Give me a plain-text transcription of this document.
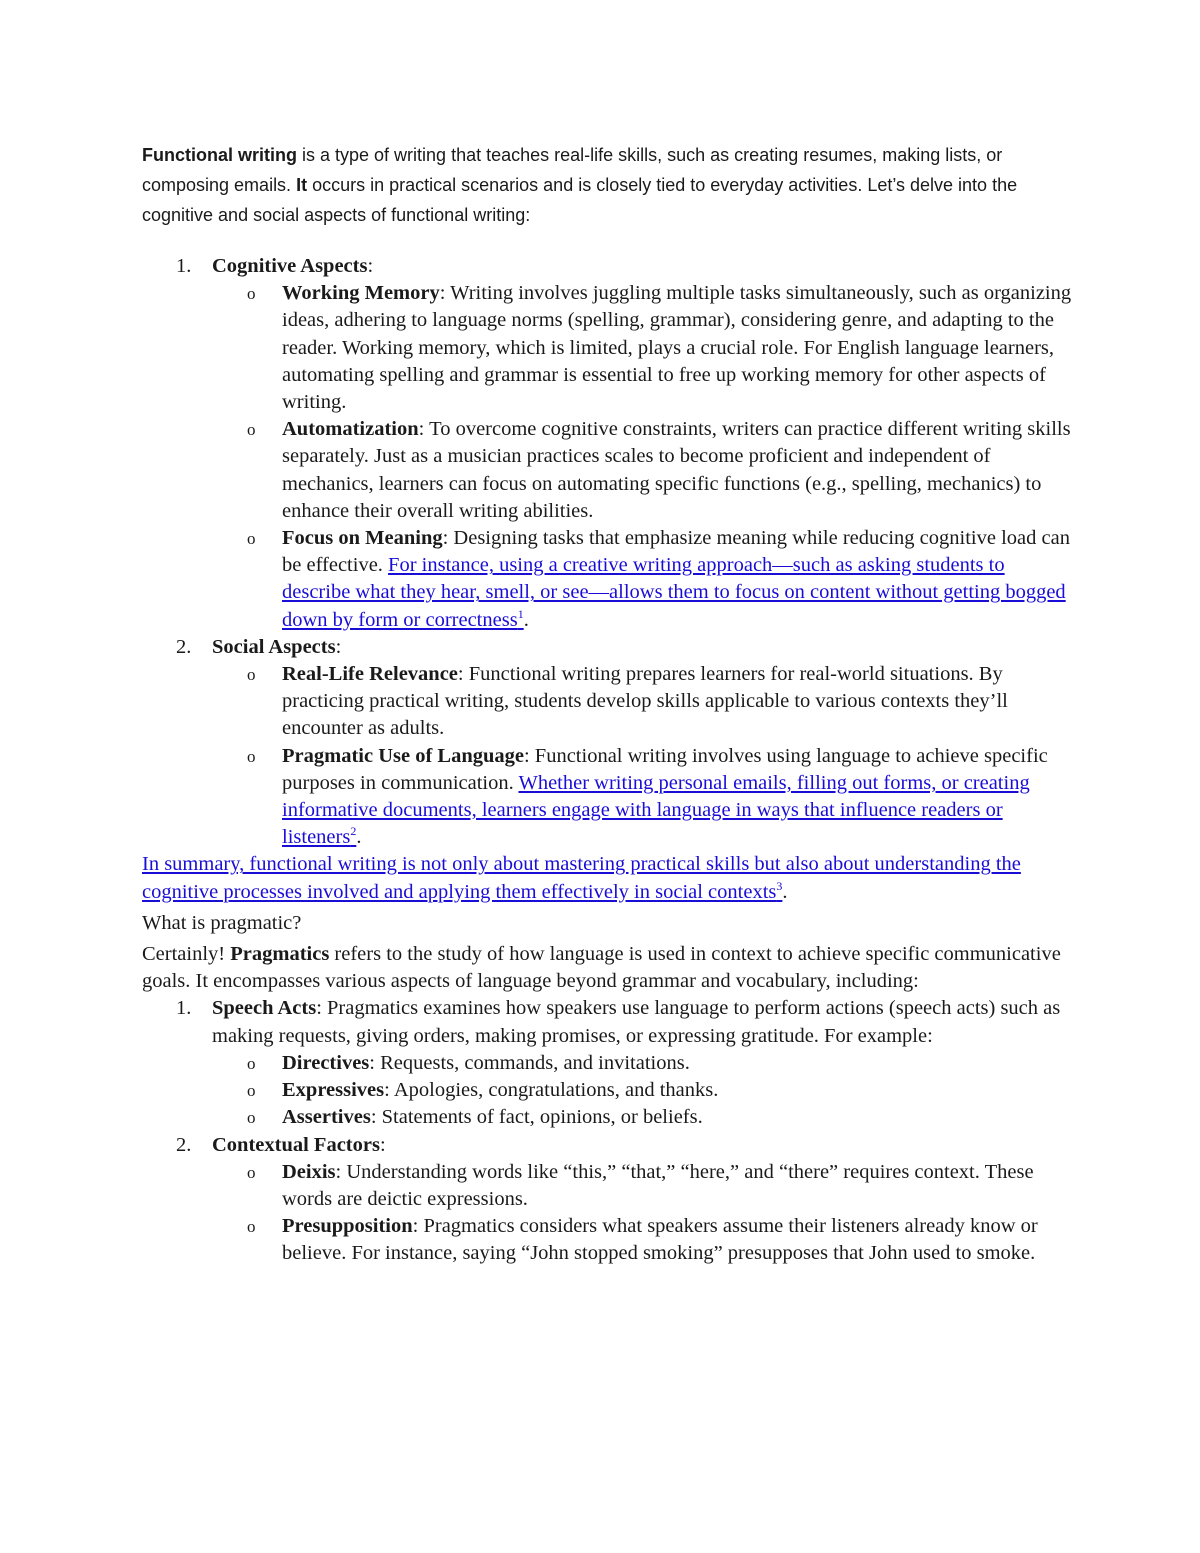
Functional writing is a type of writing that teaches real-life skills, such as creating resumes, making lists, or composing emails. It occurs in practical scenarios and is closely tied to everyday activities. Let’s delve into the cognitive and social aspects of functional writing:

1. Cognitive Aspects:
o Working Memory: Writing involves juggling multiple tasks simultaneously, such as organizing ideas, adhering to language norms (spelling, grammar), considering genre, and adapting to the reader. Working memory, which is limited, plays a crucial role. For English language learners, automating spelling and grammar is essential to free up working memory for other aspects of writing.
o Automatization: To overcome cognitive constraints, writers can practice different writing skills separately. Just as a musician practices scales to become proficient and independent of mechanics, learners can focus on automating specific functions (e.g., spelling, mechanics) to enhance their overall writing abilities.
o Focus on Meaning: Designing tasks that emphasize meaning while reducing cognitive load can be effective. For instance, using a creative writing approach—such as asking students to describe what they hear, smell, or see—allows them to focus on content without getting bogged down by form or correctness$^1$.
2. Social Aspects:
o Real-Life Relevance: Functional writing prepares learners for real-world situations. By practicing practical writing, students develop skills applicable to various contexts they’ll encounter as adults.
o Pragmatic Use of Language: Functional writing involves using language to achieve specific purposes in communication. Whether writing personal emails, filling out forms, or creating informative documents, learners engage with language in ways that influence readers or listeners$^2$.

In summary, functional writing is not only about mastering practical skills but also about understanding the cognitive processes involved and applying them effectively in social contexts$^3$.

What is pragmatic?

Certainly! Pragmatics refers to the study of how language is used in context to achieve specific communicative goals. It encompasses various aspects of language beyond grammar and vocabulary, including:

1. Speech Acts: Pragmatics examines how speakers use language to perform actions (speech acts) such as making requests, giving orders, making promises, or expressing gratitude. For example:
o Directives: Requests, commands, and invitations.
o Expressives: Apologies, congratulations, and thanks.
o Assertives: Statements of fact, opinions, or beliefs.
2. Contextual Factors:
o Deixis: Understanding words like “this,” “that,” “here,” and “there” requires context. These words are deictic expressions.
o Presupposition: Pragmatics considers what speakers assume their listeners already know or believe. For instance, saying “John stopped smoking” presupposes that John used to smoke.
